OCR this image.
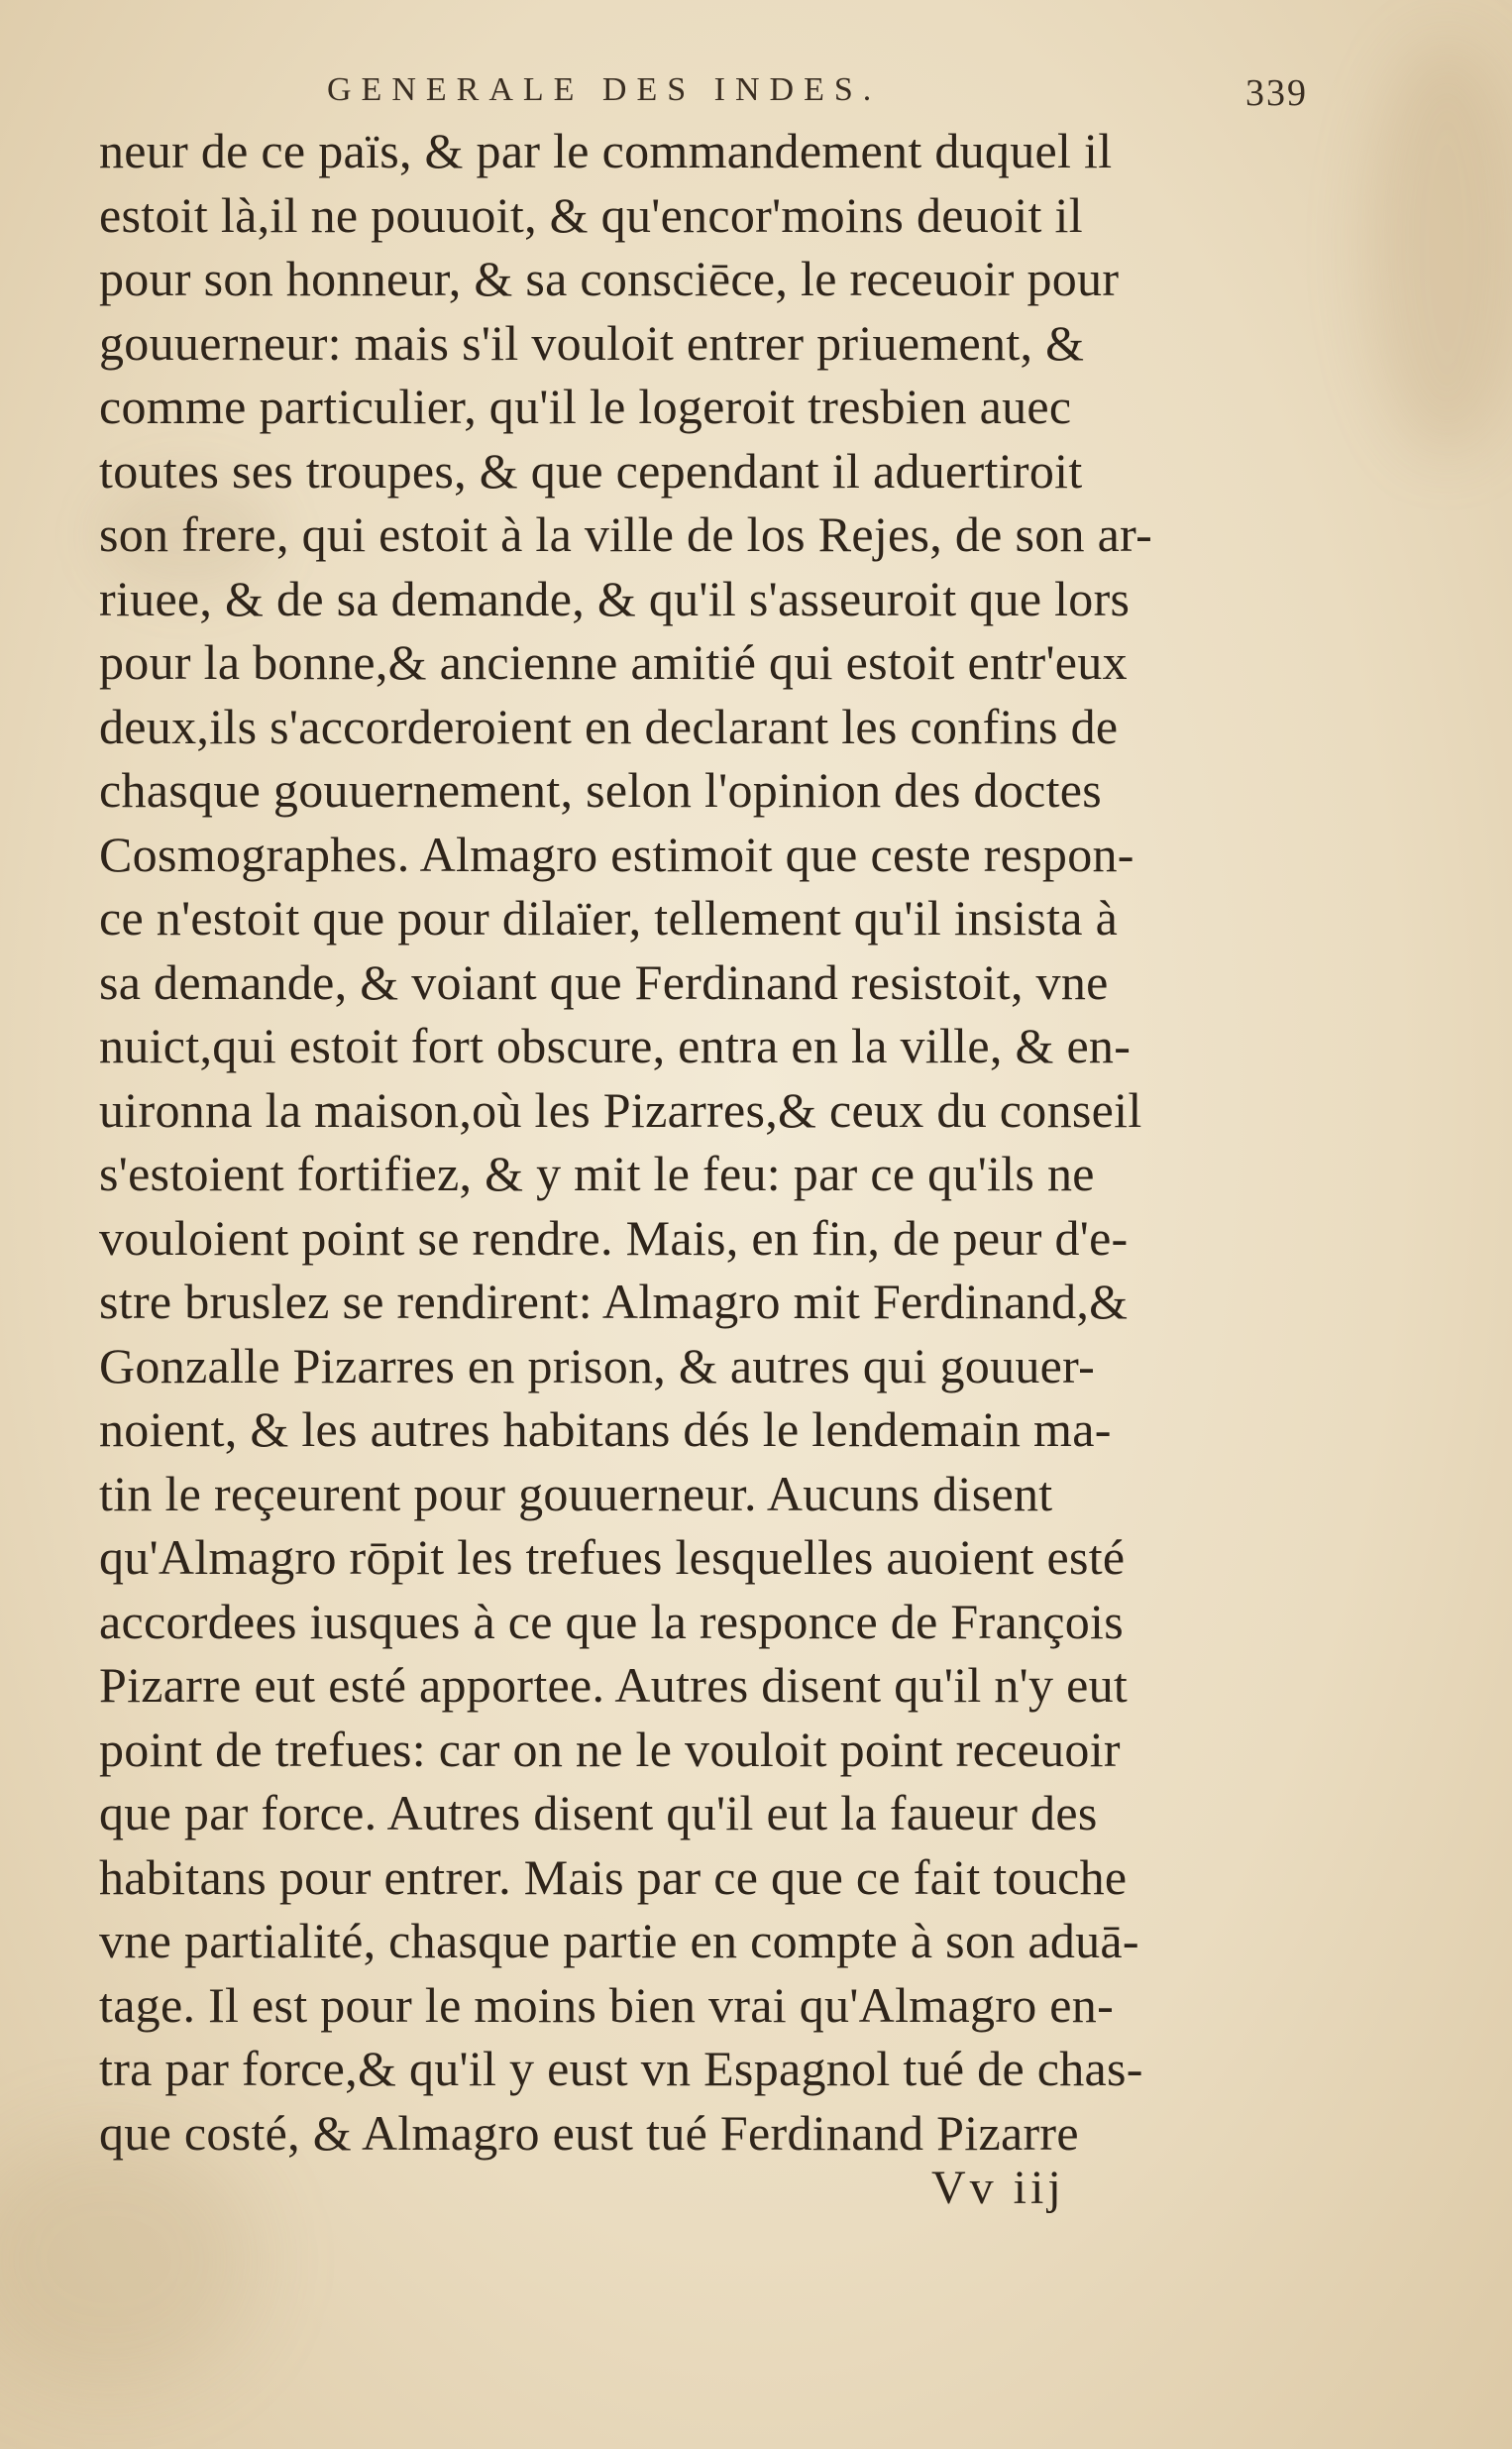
GENERALE DES INDES.	339
neur de ce païs, & par le commandement duquel il
estoit là,il ne pouuoit, & qu'encor'moins deuoit il
pour son honneur, & sa consciēce, le receuoir pour
gouuerneur: mais s'il vouloit entrer priuement, &
comme particulier, qu'il le logeroit tresbien auec
toutes ses troupes, & que cependant il aduertiroit
son frere, qui estoit à la ville de los Rejes, de son ar-
riuee, & de sa demande, & qu'il s'asseuroit que lors
pour la bonne,& ancienne amitié qui estoit entr'eux
deux,ils s'accorderoient en declarant les confins de
chasque gouuernement, selon l'opinion des doctes
Cosmographes. Almagro estimoit que ceste respon-
ce n'estoit que pour dilaïer, tellement qu'il insista à
sa demande, & voiant que Ferdinand resistoit, vne
nuict,qui estoit fort obscure, entra en la ville, & en-
uironna la maison,où les Pizarres,& ceux du conseil
s'estoient fortifiez, & y mit le feu: par ce qu'ils ne
vouloient point se rendre. Mais, en fin, de peur d'e-
stre bruslez se rendirent: Almagro mit Ferdinand,&
Gonzalle Pizarres en prison, & autres qui gouuer-
noient, & les autres habitans dés le lendemain ma-
tin le reçeurent pour gouuerneur. Aucuns disent
qu'Almagro rōpit les trefues lesquelles auoient esté
accordees iusques à ce que la responce de François
Pizarre eut esté apportee. Autres disent qu'il n'y eut
point de trefues: car on ne le vouloit point receuoir
que par force. Autres disent qu'il eut la faueur des
habitans pour entrer. Mais par ce que ce fait touche
vne partialité, chasque partie en compte à son aduā-
tage. Il est pour le moins bien vrai qu'Almagro en-
tra par force,& qu'il y eust vn Espagnol tué de chas-
que costé, & Almagro eust tué Ferdinand Pizarre
Vv iij
